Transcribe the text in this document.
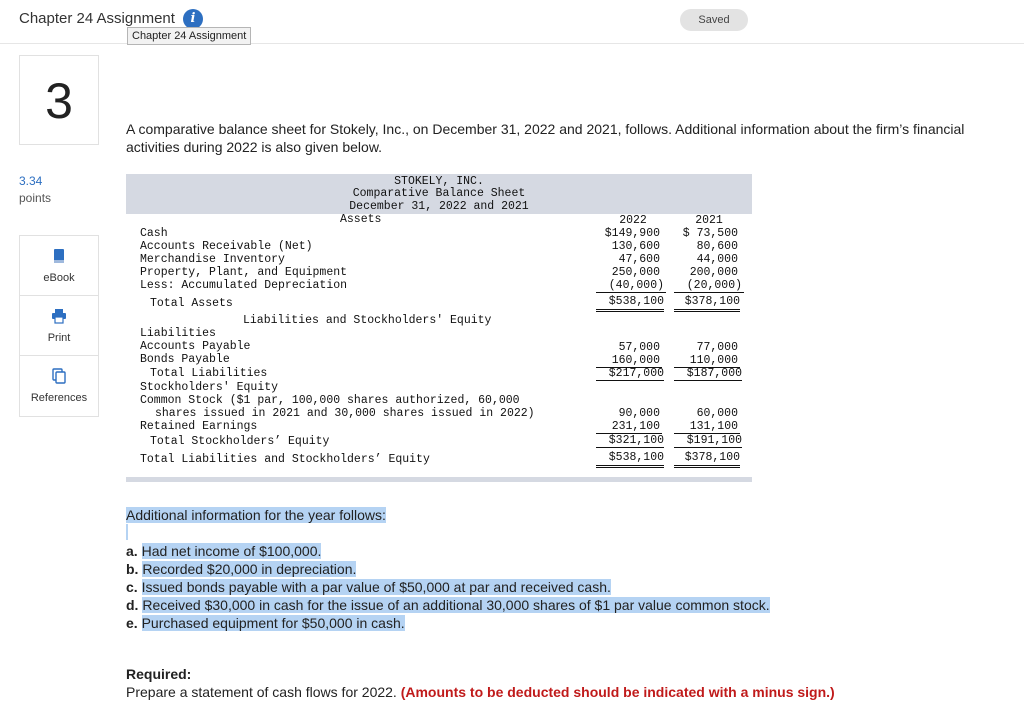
Chapter 24 Assignment	i
Chapter 24 Assignment
Saved
3
3.34
points
eBook
Print
References
A comparative balance sheet for Stokely, Inc., on December 31, 2022 and 2021, follows. Additional information about the firm’s financial activities during 2022 is also given below.
STOKELY, INC.
Comparative Balance Sheet
December 31, 2022 and 2021
Assets	2022	2021
Cash	$149,900	$ 73,500
Accounts Receivable (Net)	130,600	80,600
Merchandise Inventory	47,600	44,000
Property, Plant, and Equipment	250,000	200,000
Less: Accumulated Depreciation	(40,000)	(20,000)
Total Assets	$538,100	$378,100
Liabilities and Stockholders' Equity
Liabilities
Accounts Payable	57,000	77,000
Bonds Payable	160,000	110,000
Total Liabilities	$217,000	$187,000
Stockholders' Equity
Common Stock ($1 par, 100,000 shares authorized, 60,000
shares issued in 2021 and 30,000 shares issued in 2022)	90,000	60,000
Retained Earnings	231,100	131,100
Total Stockholders’ Equity	$321,100	$191,100
Total Liabilities and Stockholders’ Equity	$538,100	$378,100
Additional information for the year follows:
a. Had net income of $100,000.
b. Recorded $20,000 in depreciation.
c. Issued bonds payable with a par value of $50,000 at par and received cash.
d. Received $30,000 in cash for the issue of an additional 30,000 shares of $1 par value common stock.
e. Purchased equipment for $50,000 in cash.
Required:
Prepare a statement of cash flows for 2022. (Amounts to be deducted should be indicated with a minus sign.)
